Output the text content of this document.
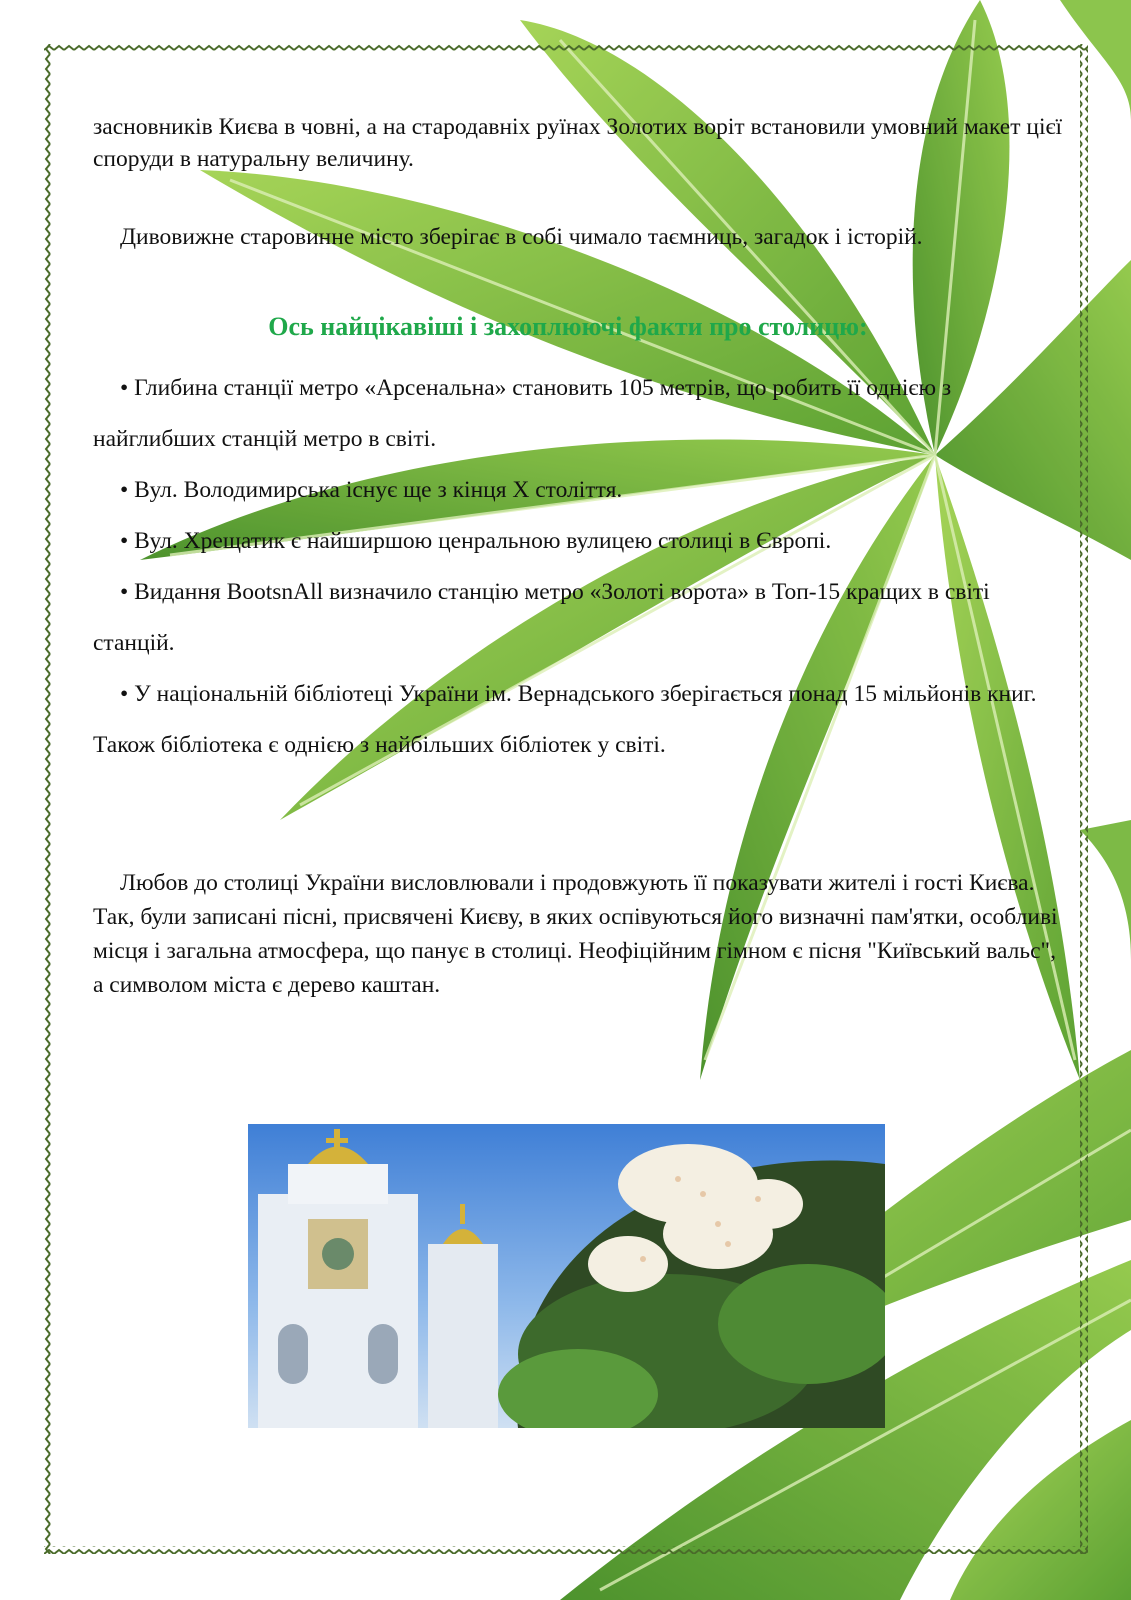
засновників Києва в човні, а на стародавніх руїнах Золотих воріт встановили умовний макет цієї споруди в натуральну величину.
Дивовижне старовинне місто зберігає в собі чимало таємниць, загадок і історій.
Ось найцікавіші і захоплюючі факти про столицю:

• Глибина станції метро «Арсенальна» становить 105 метрів, що робить її однією з найглибших станцій метро в світі.

• Вул. Володимирська існує ще з кінця X століття.

• Вул. Хрещатик є найширшою ценральною вулицею столиці в Європі.

• Видання BootsnAll визначило станцію метро «Золоті ворота» в Топ-15 кращих в світі станцій.

• У національній бібліотеці України ім. Вернадського зберігається понад 15 мільйонів книг. Також бібліотека є однією з найбільших бібліотек у світі.

Любов до столиці України висловлювали і продовжують її показувати жителі і гості Києва. Так, були записані пісні, присвячені Києву, в яких оспівуються його визначні пам'ятки, особливі місця і загальна атмосфера, що панує в столиці. Неофіційним гімном є пісня "Київський вальс", а символом міста є дерево каштан.
